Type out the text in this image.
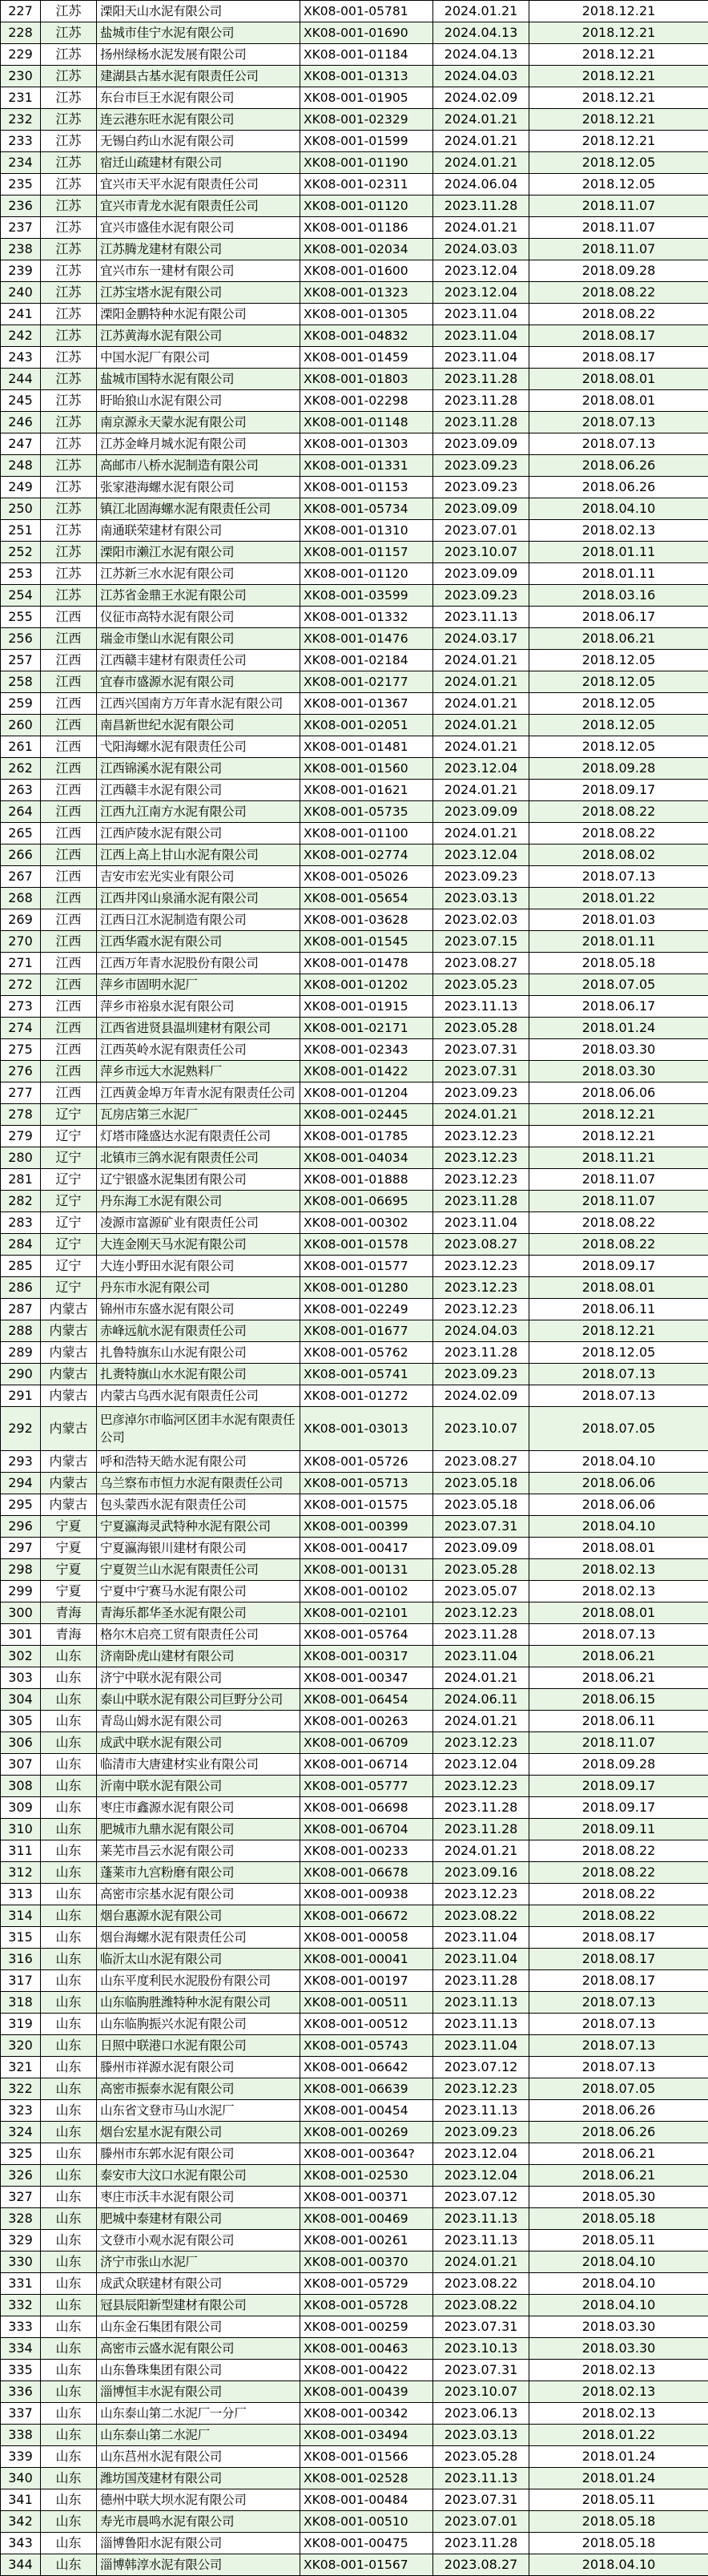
227	江苏	溧阳天山水泥有限公司	XK08-001-05781	2024.01.21	2018.12.21
228	江苏	盐城市佳宁水泥有限公司	XK08-001-01690	2024.04.13	2018.12.21
229	江苏	扬州绿杨水泥发展有限公司	XK08-001-01184	2024.04.13	2018.12.21
230	江苏	建湖县古基水泥有限责任公司	XK08-001-01313	2024.04.03	2018.12.21
231	江苏	东台市巨王水泥有限公司	XK08-001-01905	2024.02.09	2018.12.21
232	江苏	连云港东旺水泥有限公司	XK08-001-02329	2024.01.21	2018.12.21
233	江苏	无锡白药山水泥有限公司	XK08-001-01599	2024.01.21	2018.12.21
234	江苏	宿迁山疏建材有限公司	XK08-001-01190	2024.01.21	2018.12.05
235	江苏	宜兴市天平水泥有限责任公司	XK08-001-02311	2024.06.04	2018.12.05
236	江苏	宜兴市青龙水泥有限责任公司	XK08-001-01120	2023.11.28	2018.11.07
237	江苏	宜兴市盛佳水泥有限公司	XK08-001-01186	2024.01.21	2018.11.07
238	江苏	江苏腾龙建材有限公司	XK08-001-02034	2024.03.03	2018.11.07
239	江苏	宜兴市东一建材有限公司	XK08-001-01600	2023.12.04	2018.09.28
240	江苏	江苏宝塔水泥有限公司	XK08-001-01323	2023.12.04	2018.08.22
241	江苏	溧阳金鹏特种水泥有限公司	XK08-001-01305	2023.11.04	2018.08.22
242	江苏	江苏黄海水泥有限公司	XK08-001-04832	2023.11.04	2018.08.17
243	江苏	中国水泥厂有限公司	XK08-001-01459	2023.11.04	2018.08.17
244	江苏	盐城市国特水泥有限公司	XK08-001-01803	2023.11.28	2018.08.01
245	江苏	盱眙狼山水泥有限公司	XK08-001-02298	2023.11.28	2018.08.01
246	江苏	南京源永天蒙水泥有限公司	XK08-001-01148	2023.11.28	2018.07.13
247	江苏	江苏金峰月城水泥有限公司	XK08-001-01303	2023.09.09	2018.07.13
248	江苏	高邮市八桥水泥制造有限公司	XK08-001-01331	2023.09.23	2018.06.26
249	江苏	张家港海螺水泥有限公司	XK08-001-01153	2023.09.23	2018.06.26
250	江苏	镇江北固海螺水泥有限责任公司	XK08-001-05734	2023.09.09	2018.04.10
251	江苏	南通联荣建材有限公司	XK08-001-01310	2023.07.01	2018.02.13
252	江苏	溧阳市濑江水泥有限公司	XK08-001-01157	2023.10.07	2018.01.11
253	江苏	江苏新三水水泥有限公司	XK08-001-01120	2023.09.09	2018.01.11
254	江苏	江苏省金鼎王水泥有限公司	XK08-001-03599	2023.09.23	2018.03.16
255	江西	仪征市高特水泥有限公司	XK08-001-01332	2023.11.13	2018.06.17
256	江西	瑞金市堡山水泥有限公司	XK08-001-01476	2024.03.17	2018.06.21
257	江西	江西赣丰建材有限责任公司	XK08-001-02184	2024.01.21	2018.12.05
258	江西	宜春市盛源水泥有限公司	XK08-001-02177	2024.01.21	2018.12.05
259	江西	江西兴国南方万年青水泥有限公司	XK08-001-01367	2024.01.21	2018.12.05
260	江西	南昌新世纪水泥有限公司	XK08-001-02051	2024.01.21	2018.12.05
261	江西	弋阳海螺水泥有限责任公司	XK08-001-01481	2024.01.21	2018.12.05
262	江西	江西锦溪水泥有限公司	XK08-001-01560	2023.12.04	2018.09.28
263	江西	江西赣丰水泥有限公司	XK08-001-01621	2024.01.21	2018.09.17
264	江西	江西九江南方水泥有限公司	XK08-001-05735	2023.09.09	2018.08.22
265	江西	江西庐陵水泥有限公司	XK08-001-01100	2024.01.21	2018.08.22
266	江西	江西上高上甘山水泥有限公司	XK08-001-02774	2023.12.04	2018.08.02
267	江西	吉安市宏光实业有限公司	XK08-001-05026	2023.09.23	2018.07.13
268	江西	江西井冈山泉涌水泥有限公司	XK08-001-05654	2023.03.13	2018.01.22
269	江西	江西日江水泥制造有限公司	XK08-001-03628	2023.02.03	2018.01.03
270	江西	江西华霞水泥有限公司	XK08-001-01545	2023.07.15	2018.01.11
271	江西	江西万年青水泥股份有限公司	XK08-001-01478	2023.08.27	2018.05.18
272	江西	萍乡市固明水泥厂	XK08-001-01202	2023.05.23	2018.07.05
273	江西	萍乡市裕泉水泥有限公司	XK08-001-01915	2023.11.13	2018.06.17
274	江西	江西省进贤县温圳建材有限公司	XK08-001-02171	2023.05.28	2018.01.24
275	江西	江西英岭水泥有限责任公司	XK08-001-02343	2023.07.31	2018.03.30
276	江西	萍乡市远大水泥熟料厂	XK08-001-01422	2023.07.31	2018.03.30
277	江西	江西黄金埠万年青水泥有限责任公司	XK08-001-01204	2023.09.23	2018.06.06
278	辽宁	瓦房店第三水泥厂	XK08-001-02445	2024.01.21	2018.12.21
279	辽宁	灯塔市隆盛达水泥有限责任公司	XK08-001-01785	2023.12.23	2018.12.21
280	辽宁	北镇市三鸽水泥有限责任公司	XK08-001-04034	2023.12.23	2018.11.21
281	辽宁	辽宁银盛水泥集团有限公司	XK08-001-01888	2023.12.23	2018.11.07
282	辽宁	丹东海工水泥有限公司	XK08-001-06695	2023.11.28	2018.11.07
283	辽宁	凌源市富源矿业有限责任公司	XK08-001-00302	2023.11.04	2018.08.22
284	辽宁	大连金刚天马水泥有限公司	XK08-001-01578	2023.08.27	2018.08.22
285	辽宁	大连小野田水泥有限公司	XK08-001-01577	2023.12.23	2018.09.17
286	辽宁	丹东市水泥有限公司	XK08-001-01280	2023.12.23	2018.08.01
287	内蒙古	锦州市东盛水泥有限公司	XK08-001-02249	2023.12.23	2018.06.11
288	内蒙古	赤峰远航水泥有限责任公司	XK08-001-01677	2024.04.03	2018.12.21
289	内蒙古	扎鲁特旗东山水泥有限公司	XK08-001-05762	2023.11.28	2018.12.05
290	内蒙古	扎赉特旗山水水泥有限公司	XK08-001-05741	2023.09.23	2018.07.13
291	内蒙古	内蒙古乌西水泥有限责任公司	XK08-001-01272	2024.02.09	2018.07.13
292	内蒙古	巴彦淖尔市临河区团丰水泥有限责任公司	XK08-001-03013	2023.10.07	2018.07.05
293	内蒙古	呼和浩特天皓水泥有限公司	XK08-001-05726	2023.08.27	2018.04.10
294	内蒙古	乌兰察布市恒力水泥有限责任公司	XK08-001-05713	2023.05.18	2018.06.06
295	内蒙古	包头蒙西水泥有限责任公司	XK08-001-01575	2023.05.18	2018.06.06
296	宁夏	宁夏瀛海灵武特种水泥有限公司	XK08-001-00399	2023.07.31	2018.04.10
297	宁夏	宁夏瀛海银川建材有限公司	XK08-001-00417	2023.09.09	2018.08.01
298	宁夏	宁夏贺兰山水泥有限责任公司	XK08-001-00131	2023.05.28	2018.02.13
299	宁夏	宁夏中宁赛马水泥有限公司	XK08-001-00102	2023.05.07	2018.02.13
300	青海	青海乐都华圣水泥有限公司	XK08-001-02101	2023.12.23	2018.08.01
301	青海	格尔木启亮工贸有限责任公司	XK08-001-05764	2023.11.28	2018.07.13
302	山东	济南卧虎山建材有限公司	XK08-001-00317	2023.11.04	2018.06.21
303	山东	济宁中联水泥有限公司	XK08-001-00347	2024.01.21	2018.06.21
304	山东	泰山中联水泥有限公司巨野分公司	XK08-001-06454	2024.06.11	2018.06.15
305	山东	青岛山姆水泥有限公司	XK08-001-00263	2024.01.21	2018.06.11
306	山东	成武中联水泥有限公司	XK08-001-06709	2023.12.23	2018.11.07
307	山东	临清市大唐建材实业有限公司	XK08-001-06714	2023.12.04	2018.09.28
308	山东	沂南中联水泥有限公司	XK08-001-05777	2023.12.23	2018.09.17
309	山东	枣庄市鑫源水泥有限公司	XK08-001-06698	2023.11.28	2018.09.17
310	山东	肥城市九鼎水泥有限公司	XK08-001-06704	2023.11.28	2018.09.11
311	山东	莱芜市昌云水泥有限公司	XK08-001-00233	2024.01.21	2018.08.22
312	山东	蓬莱市九宫粉磨有限公司	XK08-001-06678	2023.09.16	2018.08.22
313	山东	高密市宗基水泥有限公司	XK08-001-00938	2023.12.23	2018.08.22
314	山东	烟台惠源水泥有限公司	XK08-001-06672	2023.08.22	2018.08.22
315	山东	烟台海螺水泥有限责任公司	XK08-001-00058	2023.11.04	2018.08.17
316	山东	临沂太山水泥有限公司	XK08-001-00041	2023.11.04	2018.08.17
317	山东	山东平度利民水泥股份有限公司	XK08-001-00197	2023.11.28	2018.08.17
318	山东	山东临朐胜潍特种水泥有限公司	XK08-001-00511	2023.11.13	2018.07.13
319	山东	山东临朐振兴水泥有限公司	XK08-001-00512	2023.11.13	2018.07.13
320	山东	日照中联港口水泥有限公司	XK08-001-05743	2023.11.04	2018.07.13
321	山东	滕州市祥源水泥有限公司	XK08-001-06642	2023.07.12	2018.07.13
322	山东	高密市振泰水泥有限公司	XK08-001-06639	2023.12.23	2018.07.05
323	山东	山东省文登市马山水泥厂	XK08-001-00454	2023.11.13	2018.06.26
324	山东	烟台宏星水泥有限公司	XK08-001-00269	2023.09.23	2018.06.26
325	山东	滕州市东郭水泥有限公司	XK08-001-00364?	2023.12.04	2018.06.21
326	山东	泰安市大汶口水泥有限公司	XK08-001-02530	2023.12.04	2018.06.21
327	山东	枣庄市沃丰水泥有限公司	XK08-001-00371	2023.07.12	2018.05.30
328	山东	肥城中泰建材有限公司	XK08-001-00469	2023.11.13	2018.05.18
329	山东	文登市小观水泥有限公司	XK08-001-00261	2023.11.13	2018.05.11
330	山东	济宁市张山水泥厂	XK08-001-00370	2024.01.21	2018.04.10
331	山东	成武众联建材有限公司	XK08-001-05729	2023.08.22	2018.04.10
332	山东	冠县辰阳新型建材有限公司	XK08-001-05728	2023.08.22	2018.04.10
333	山东	山东金石集团有限公司	XK08-001-00259	2023.07.31	2018.03.30
334	山东	高密市云盛水泥有限公司	XK08-001-00463	2023.10.13	2018.03.30
335	山东	山东鲁珠集团有限公司	XK08-001-00422	2023.07.31	2018.02.13
336	山东	淄博恒丰水泥有限公司	XK08-001-00439	2023.10.07	2018.02.13
337	山东	山东泰山第二水泥厂一分厂	XK08-001-00342	2023.06.13	2018.02.13
338	山东	山东泰山第二水泥厂	XK08-001-03494	2023.03.13	2018.01.22
339	山东	山东莒州水泥有限公司	XK08-001-01566	2023.05.28	2018.01.24
340	山东	潍坊国茂建材有限公司	XK08-001-02528	2023.11.13	2018.01.24
341	山东	德州中联大坝水泥有限公司	XK08-001-00484	2023.07.31	2018.05.11
342	山东	寿光市晨鸣水泥有限公司	XK08-001-00510	2023.07.01	2018.05.18
343	山东	淄博鲁阳水泥有限公司	XK08-001-00475	2023.11.28	2018.05.18
344	山东	淄博韩淳水泥有限公司	XK08-001-01567	2023.08.27	2018.04.10
